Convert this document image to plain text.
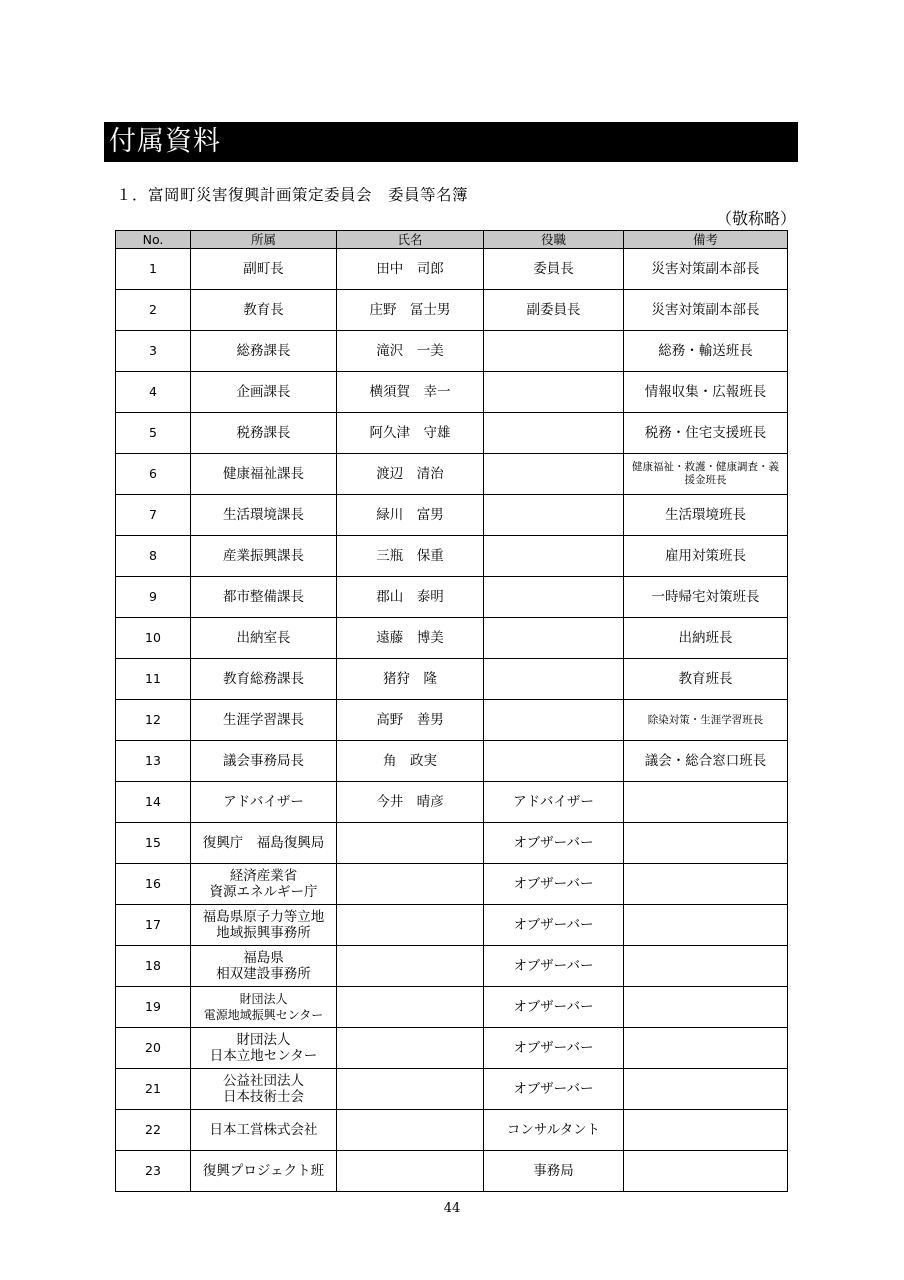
付属資料
１．富岡町災害復興計画策定委員会　委員等名簿
（敬称略）
No.	所属	氏名	役職	備考
1	副町長	田中　司郎	委員長	災害対策副本部長
2	教育長	庄野　冨士男	副委員長	災害対策副本部長
3	総務課長	滝沢　一美		総務・輸送班長
4	企画課長	横須賀　幸一		情報収集・広報班長
5	税務課長	阿久津　守雄		税務・住宅支援班長
6	健康福祉課長	渡辺　清治		健康福祉・救護・健康調査・義
援金班長
7	生活環境課長	緑川　富男		生活環境班長
8	産業振興課長	三瓶　保重		雇用対策班長
9	都市整備課長	郡山　泰明		一時帰宅対策班長
10	出納室長	遠藤　博美		出納班長
11	教育総務課長	猪狩　隆		教育班長
12	生涯学習課長	高野　善男		除染対策・生涯学習班長
13	議会事務局長	角　政実		議会・総合窓口班長
14	アドバイザー	今井　晴彦	アドバイザー	
15	復興庁　福島復興局		オブザーバー	
16	経済産業省
資源エネルギー庁		オブザーバー	
17	福島県原子力等立地
地域振興事務所		オブザーバー	
18	福島県
相双建設事務所		オブザーバー	
19	財団法人
電源地域振興センター		オブザーバー	
20	財団法人
日本立地センター		オブザーバー	
21	公益社団法人
日本技術士会		オブザーバー	
22	日本工営株式会社		コンサルタント	
23	復興プロジェクト班		事務局	
44
